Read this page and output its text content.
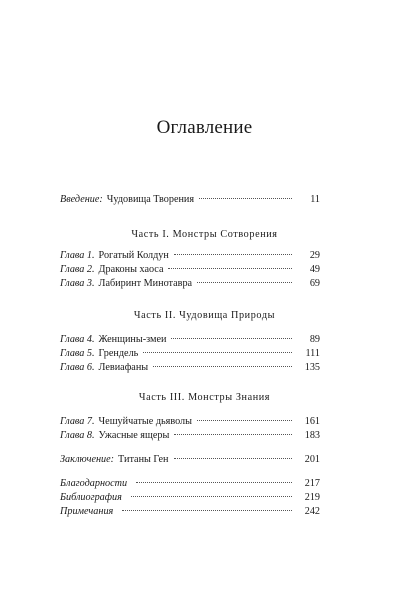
Оглавление
Введение: Чудовища Творения	11
Часть I. Монстры Сотворения
Глава 1. Рогатый Колдун	29
Глава 2. Драконы хаоса	49
Глава 3. Лабиринт Минотавра	69
Часть II. Чудовища Природы
Глава 4. Женщины-змеи	89
Глава 5. Грендель	111
Глава 6. Левиафаны	135
Часть III. Монстры Знания
Глава 7. Чешуйчатые дьяволы	161
Глава 8. Ужасные ящеры	183
Заключение: Титаны Ген	201
Благодарности	217
Библиография	219
Примечания	242
